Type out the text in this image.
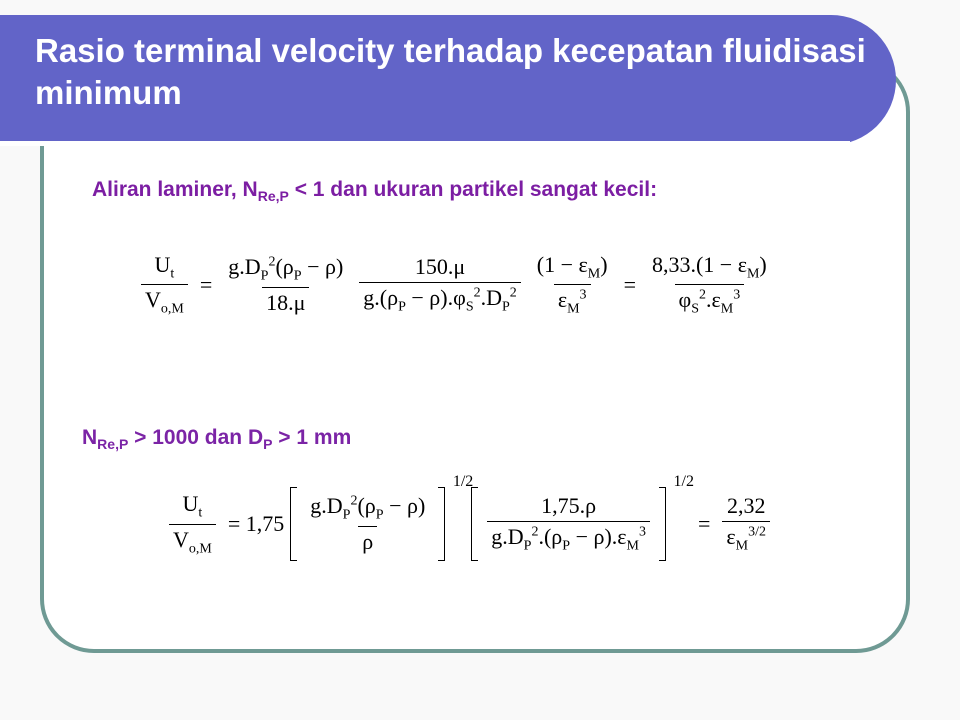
Rasio terminal velocity terhadap kecepatan fluidisasi minimum

Aliran laminer, $N_{Re,P} < 1$ dan ukuran partikel sangat kecil:

$\frac{U_t}{V_{o,M}} = \frac{g.D_P^2(\rho_P - \rho)}{18.\mu} \frac{150.\mu}{g.(\rho_P - \rho).\varphi_S^2.D_P^2} \frac{(1 - \varepsilon_M)}{\varepsilon_M^3} = \frac{8,33.(1 - \varepsilon_M)}{\varphi_S^2.\varepsilon_M^3}$

$N_{Re,P} > 1000$ dan $D_P > 1$ mm

$\frac{U_t}{V_{o,M}} = 1,75 \frac{g.D_P^2(\rho_P - \rho)}{\rho}$
1/2
$\frac{1,75.\rho}{g.D_P^2.(\rho_P - \rho).\varepsilon_M^3}$
1/2
= $\frac{2,32}{\varepsilon_M^{3/2}}$
